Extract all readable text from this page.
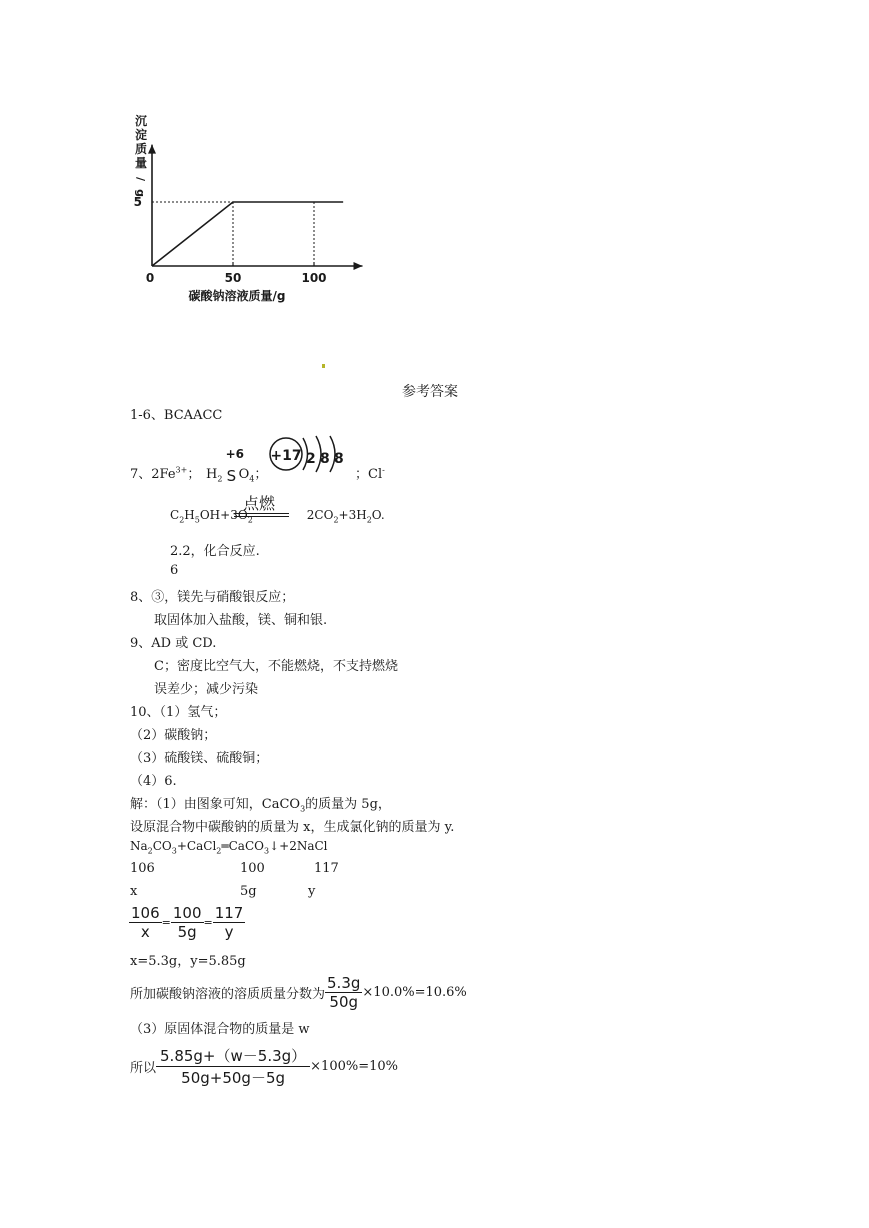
50	100
5
0
碳酸钠溶液质量/g
沉
淀
质
量
/
g
参考答案
1-6、BCAACC
7、$2Fe^{3+}$； $H_2$
+6
S $O_4$；
+17 2 8 8
；Cl-
$C_2H_5OH+3O_2$	$2CO_2+3H_2O$.
点燃
2.2，化合反应.
6
8、③，镁先与硝酸银反应；
取固体加入盐酸，镁、铜和银.
9、AD 或 CD.
C；密度比空气大，不能燃烧，不支持燃烧
误差少；减少污染
10、（1）氢气；
（2）碳酸钠；
（3）硫酸镁、硫酸铜；
（4）6.
解：（1）由图象可知，CaCO$_3$的质量为 5g，
设原混合物中碳酸钠的质量为 x，生成氯化钠的质量为 y.
$Na_2CO_3+CaCl_2═CaCO_3↓+2NaCl$
106	100	117
x	5g	y
$\frac{106}{x} = \frac{100}{5g} = \frac{117}{y}$
x=5.3g，y=5.85g
所加碳酸钠溶液的溶质质量分数为 $\frac{5.3g}{50g} \times 10.0\%=10.6\%$
（3）原固体混合物的质量是 w
所以 $\frac{5.85g+(w-5.3g)}{50g+50g-5g} \times 100\%=10\%$
